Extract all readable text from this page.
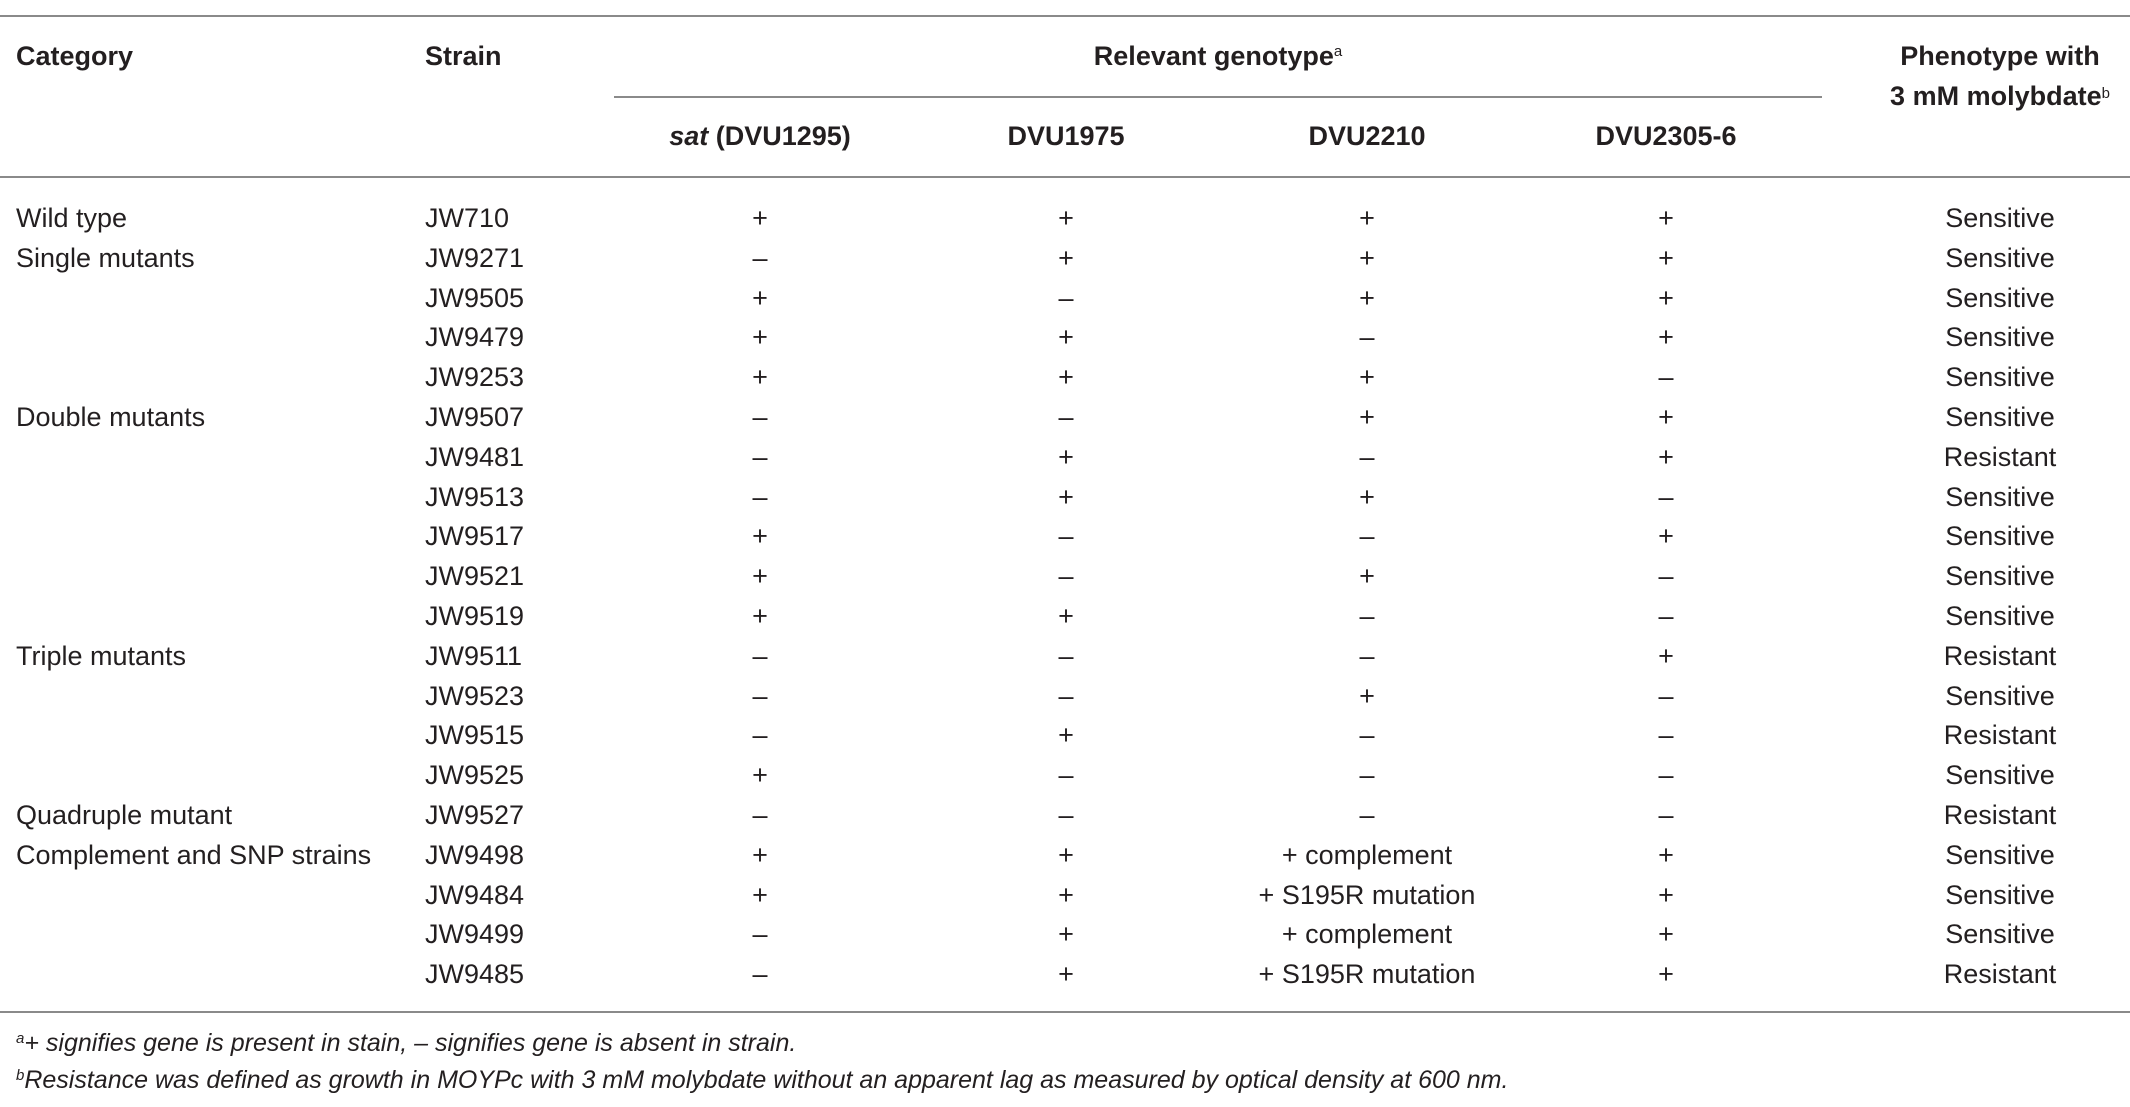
Category	Strain	Relevant genotype$^a$
sat (DVU1295)	DVU1975	DVU2210	DVU2305-6
Phenotype with
3 mM molybdate$^b$
Wild type	JW710	+	+	+	+	Sensitive
Single mutants	JW9271	–	+	+	+	Sensitive
JW9505	+	–	+	+	Sensitive
JW9479	+	+	–	+	Sensitive
JW9253	+	+	+	–	Sensitive
Double mutants	JW9507	–	–	+	+	Sensitive
JW9481	–	+	–	+	Resistant
JW9513	–	+	+	–	Sensitive
JW9517	+	–	–	+	Sensitive
JW9521	+	–	+	–	Sensitive
JW9519	+	+	–	–	Sensitive
Triple mutants	JW9511	–	–	–	+	Resistant
JW9523	–	–	+	–	Sensitive
JW9515	–	+	–	–	Resistant
JW9525	+	–	–	–	Sensitive
Quadruple mutant	JW9527	–	–	–	–	Resistant
Complement and SNP strains JW9498	+	+	+ complement	+	Sensitive
JW9484	+	+	+ S195R mutation	+	Sensitive
JW9499	–	+	+ complement	+	Sensitive
JW9485	–	+	+ S195R mutation	+	Resistant
$^a$+ signifies gene is present in stain, – signifies gene is absent in strain.
$^b$Resistance was defined as growth in MOYPc with 3 mM molybdate without an apparent lag as measured by optical density at 600 nm.
